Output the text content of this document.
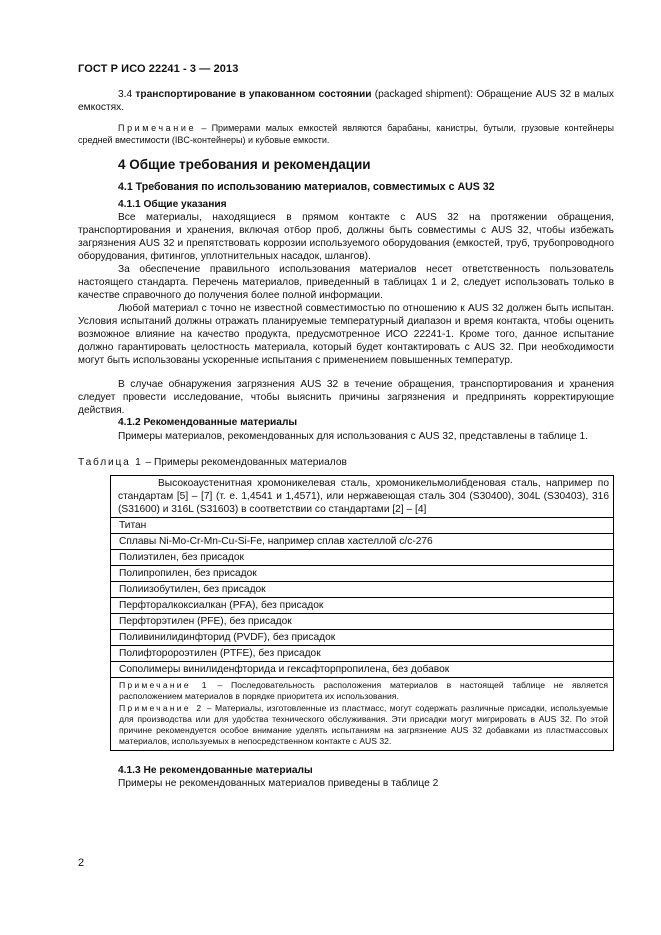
ГОСТ Р ИСО 22241 - 3 — 2013
3.4 транспортирование в упакованном состоянии (packaged shipment): Обращение AUS 32 в малых емкостях.
Примечание – Примерами малых емкостей являются барабаны, канистры, бутыли, грузовые контейнеры средней вместимости (IBC-контейнеры) и кубовые емкости.
4 Общие требования и рекомендации
4.1 Требования по использованию материалов, совместимых с AUS 32
4.1.1 Общие указания
Все материалы, находящиеся в прямом контакте с AUS 32 на протяжении обращения, транспортирования и хранения, включая отбор проб, должны быть совместимы с AUS 32, чтобы избежать загрязнения AUS 32 и препятствовать коррозии используемого оборудования (емкостей, труб, трубопроводного оборудования, фитингов, уплотнительных насадок, шлангов).
За обеспечение правильного использования материалов несет ответственность пользователь настоящего стандарта. Перечень материалов, приведенный в таблицах 1 и 2, следует использовать только в качестве справочного до получения более полной информации.
Любой материал с точно не известной совместимостью по отношению к AUS 32 должен быть испытан. Условия испытаний должны отражать планируемые температурный диапазон и время контакта, чтобы оценить возможное влияние на качество продукта, предусмотренное ИСО 22241-1. Кроме того, данное испытание должно гарантировать целостность материала, который будет контактировать с AUS 32. При необходимости могут быть использованы ускоренные испытания с применением повышенных температур.
В случае обнаружения загрязнения AUS 32 в течение обращения, транспортирования и хранения следует провести исследование, чтобы выяснить причины загрязнения и предпринять корректирующие действия.
4.1.2 Рекомендованные материалы
Примеры материалов, рекомендованных для использования с AUS 32, представлены в таблице 1.
Таблица 1 – Примеры рекомендованных материалов
Высокоаустенитная хромоникелевая сталь, хромоникельмолибденовая сталь, например по стандартам [5] – [7] (т. е. 1,4541 и 1,4571), или нержавеющая сталь 304 (S30400), 304L (S30403), 316 (S31600) и 316L (S31603) в соответствии со стандартами [2] – [4]
Титан
Сплавы Ni-Mo-Cr-Mn-Cu-Si-Fe, например сплав хастеллой с/с-276
Полиэтилен, без присадок
Полипропилен, без присадок
Полиизобутилен, без присадок
Перфторалкоксиалкан (PFA), без присадок
Перфторэтилен (PFE), без присадок
Поливинилидинфторид (PVDF), без присадок
Полифторороэтилен (PTFE), без присадок
Сополимеры винилиденфторида и гексафторпропилена, без добавок

Примечание 1 – Последовательность расположения материалов в настоящей таблице не является расположением материалов в порядке приоритета их использования.
Примечание 2 – Материалы, изготовленные из пластмасс, могут содержать различные присадки, используемые для производства или для удобства технического обслуживания. Эти присадки могут мигрировать в AUS 32. По этой причине рекомендуется особое внимание уделять испытаниям на загрязнение AUS 32 добавками из пластмассовых материалов, используемых в непосредственном контакте с AUS 32.
4.1.3 Не рекомендованные материалы
Примеры не рекомендованных материалов приведены в таблице 2
2
